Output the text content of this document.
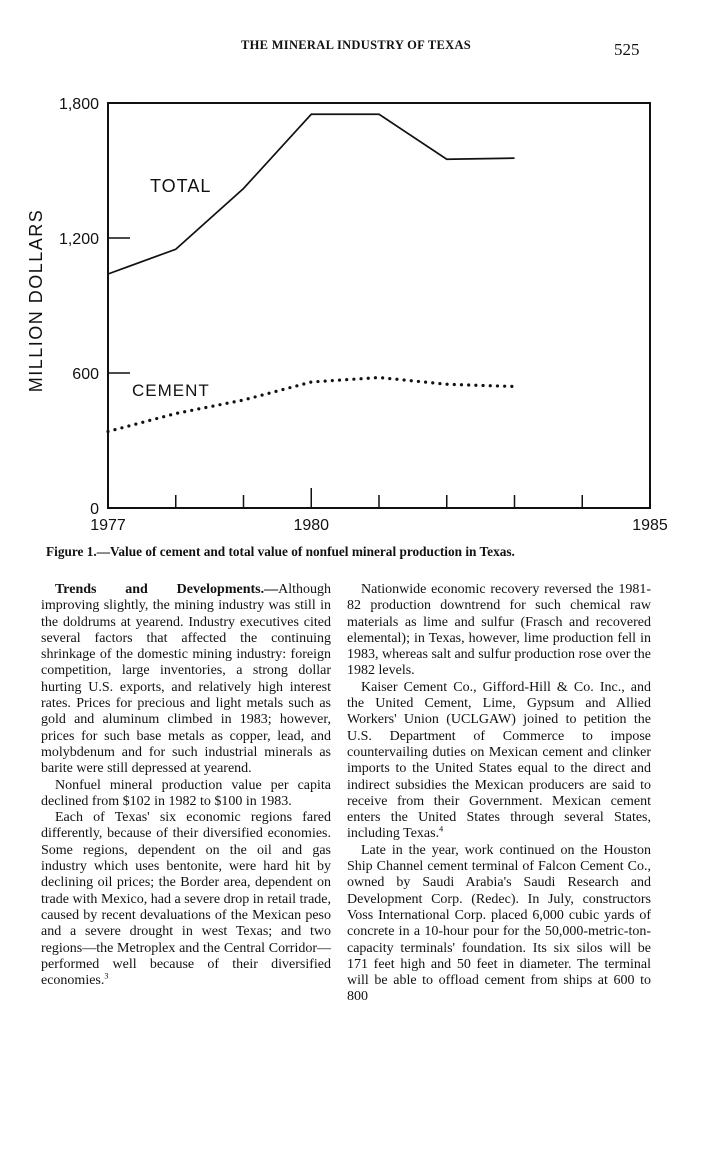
THE MINERAL INDUSTRY OF TEXAS	525
0
600
1,200
1,800
1977	1980	1985
MILLION DOLLARS
TOTAL
CEMENT
Figure 1.—Value of cement and total value of nonfuel mineral production in Texas.

Trends and Developments.—Although improving slightly, the mining industry was still in the doldrums at yearend. Industry executives cited several factors that affected the continuing shrinkage of the domestic mining industry: foreign competition, large inventories, a strong dollar hurting U.S. exports, and relatively high interest rates. Prices for precious and light metals such as gold and aluminum climbed in 1983; however, prices for such base metals as copper, lead, and molybdenum and for such industrial minerals as barite were still depressed at yearend.

Nonfuel mineral production value per capita declined from $102 in 1982 to $100 in 1983.

Each of Texas' six economic regions fared differently, because of their diversified economies. Some regions, dependent on the oil and gas industry which uses bentonite, were hard hit by declining oil prices; the Border area, dependent on trade with Mexico, had a severe drop in retail trade, caused by recent devaluations of the Mexican peso and a severe drought in west Texas; and two regions—the Metroplex and the Central Corridor—performed well because of their diversified economies.$^3$

Nationwide economic recovery reversed the 1981-82 production downtrend for such chemical raw materials as lime and sulfur (Frasch and recovered elemental); in Texas, however, lime production fell in 1983, whereas salt and sulfur production rose over the 1982 levels.

Kaiser Cement Co., Gifford-Hill & Co. Inc., and the United Cement, Lime, Gypsum and Allied Workers' Union (UCLGAW) joined to petition the U.S. Department of Commerce to impose countervailing duties on Mexican cement and clinker imports to the United States equal to the direct and indirect subsidies the Mexican producers are said to receive from their Government. Mexican cement enters the United States through several States, including Texas.$^4$

Late in the year, work continued on the Houston Ship Channel cement terminal of Falcon Cement Co., owned by Saudi Arabia's Saudi Research and Development Corp. (Redec). In July, constructors Voss International Corp. placed 6,000 cubic yards of concrete in a 10-hour pour for the 50,000-metric-ton-capacity terminals' foundation. Its six silos will be 171 feet high and 50 feet in diameter. The terminal will be able to offload cement from ships at 600 to 800
